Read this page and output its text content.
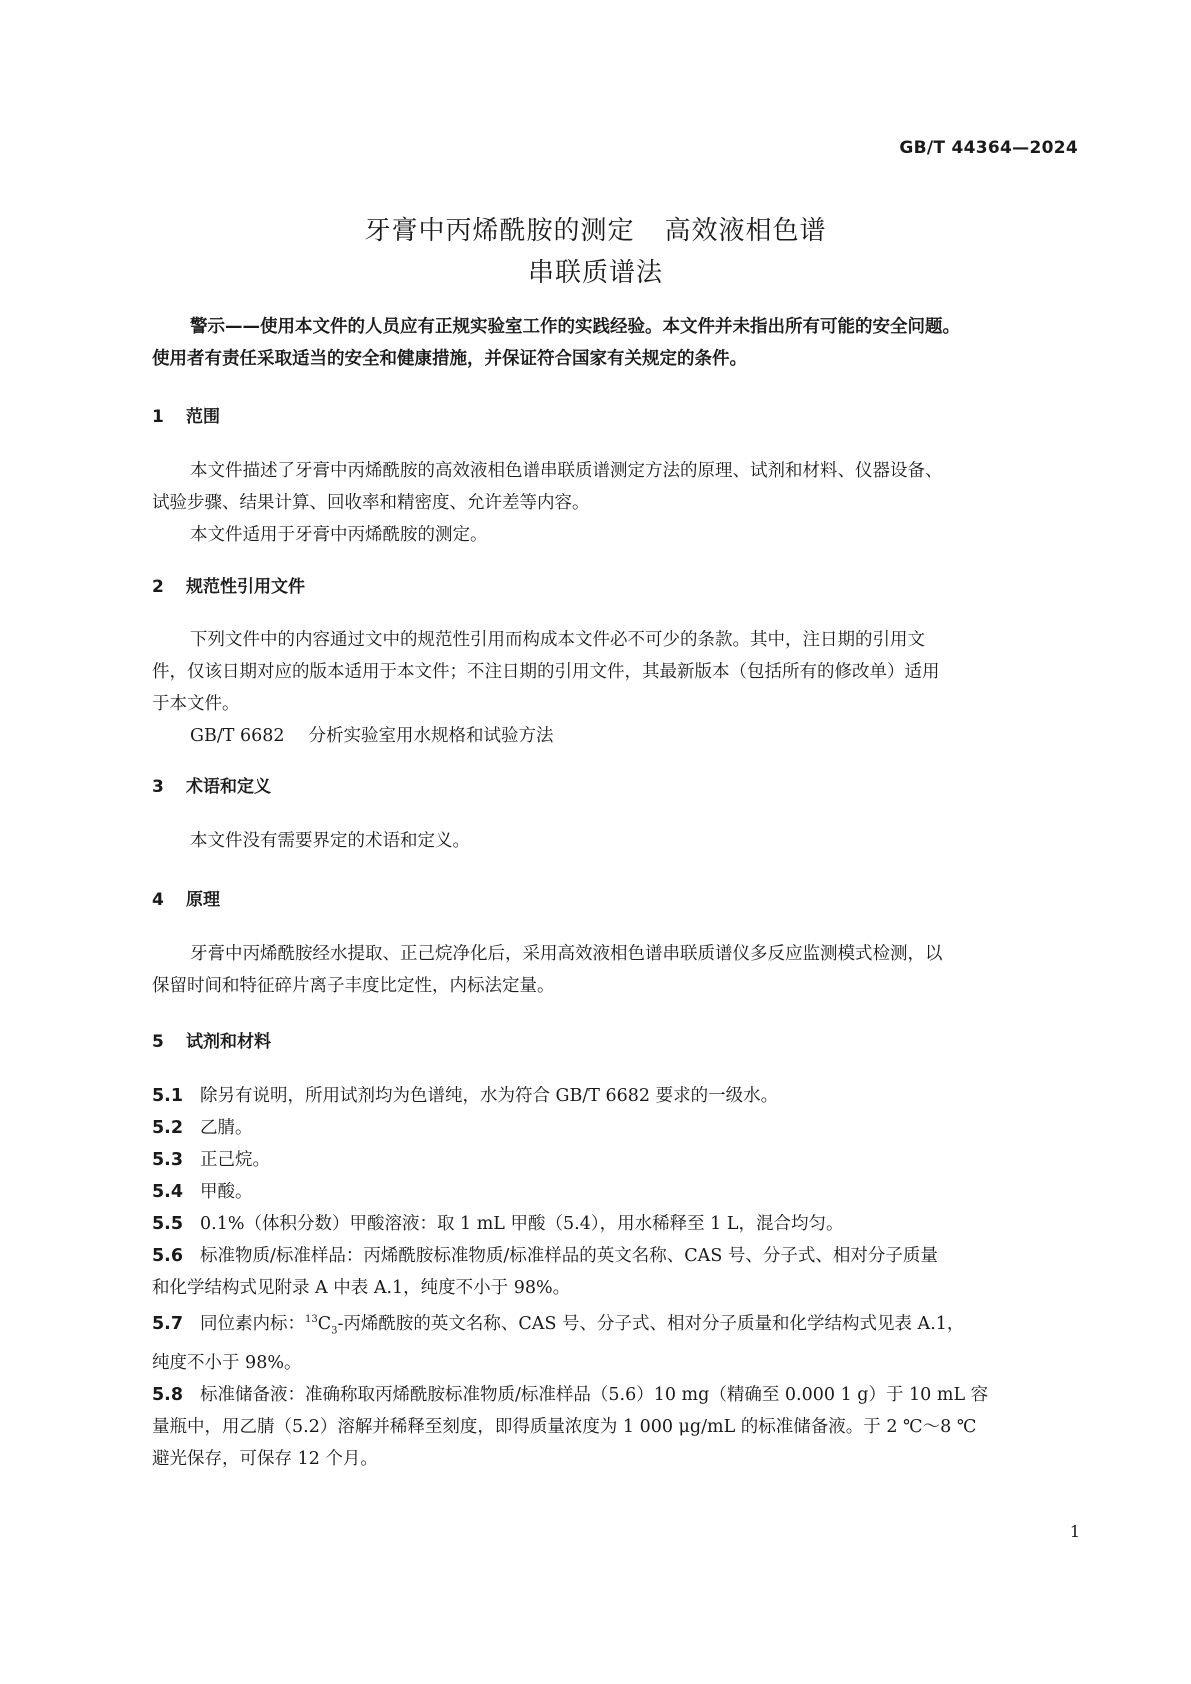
GB/T 44364—2024
牙膏中丙烯酰胺的测定 高效液相色谱
串联质谱法
警示——使用本文件的人员应有正规实验室工作的实践经验。本文件并未指出所有可能的安全问题。
使用者有责任采取适当的安全和健康措施，并保证符合国家有关规定的条件。
1 范围
本文件描述了牙膏中丙烯酰胺的高效液相色谱串联质谱测定方法的原理、试剂和材料、仪器设备、
试验步骤、结果计算、回收率和精密度、允许差等内容。
本文件适用于牙膏中丙烯酰胺的测定。
2 规范性引用文件
下列文件中的内容通过文中的规范性引用而构成本文件必不可少的条款。其中，注日期的引用文
件，仅该日期对应的版本适用于本文件；不注日期的引用文件，其最新版本（包括所有的修改单）适用
于本文件。
GB/T 6682 分析实验室用水规格和试验方法
3 术语和定义
本文件没有需要界定的术语和定义。
4 原理
牙膏中丙烯酰胺经水提取、正己烷净化后，采用高效液相色谱串联质谱仪多反应监测模式检测，以
保留时间和特征碎片离子丰度比定性，内标法定量。
5 试剂和材料
5.1 除另有说明，所用试剂均为色谱纯，水为符合 GB/T 6682 要求的一级水。
5.2 乙腈。
5.3 正己烷。
5.4 甲酸。
5.5 0.1%（体积分数）甲酸溶液：取 1 mL 甲酸（5.4），用水稀释至 1 L，混合均匀。
5.6 标准物质/标准样品：丙烯酰胺标准物质/标准样品的英文名称、CAS 号、分子式、相对分子质量
和化学结构式见附录 A 中表 A.1，纯度不小于 98%。
5.7 同位素内标：$^{13}C_3-$丙烯酰胺的英文名称、CAS 号、分子式、相对分子质量和化学结构式见表 A.1，
纯度不小于 98%。
5.8 标准储备液：准确称取丙烯酰胺标准物质/标准样品（5.6）10 mg（精确至 0.000 1 g）于 10 mL 容
量瓶中，用乙腈（5.2）溶解并稀释至刻度，即得质量浓度为 1 000 μg/mL 的标准储备液。于 2 ℃～8 ℃
避光保存，可保存 12 个月。
1
